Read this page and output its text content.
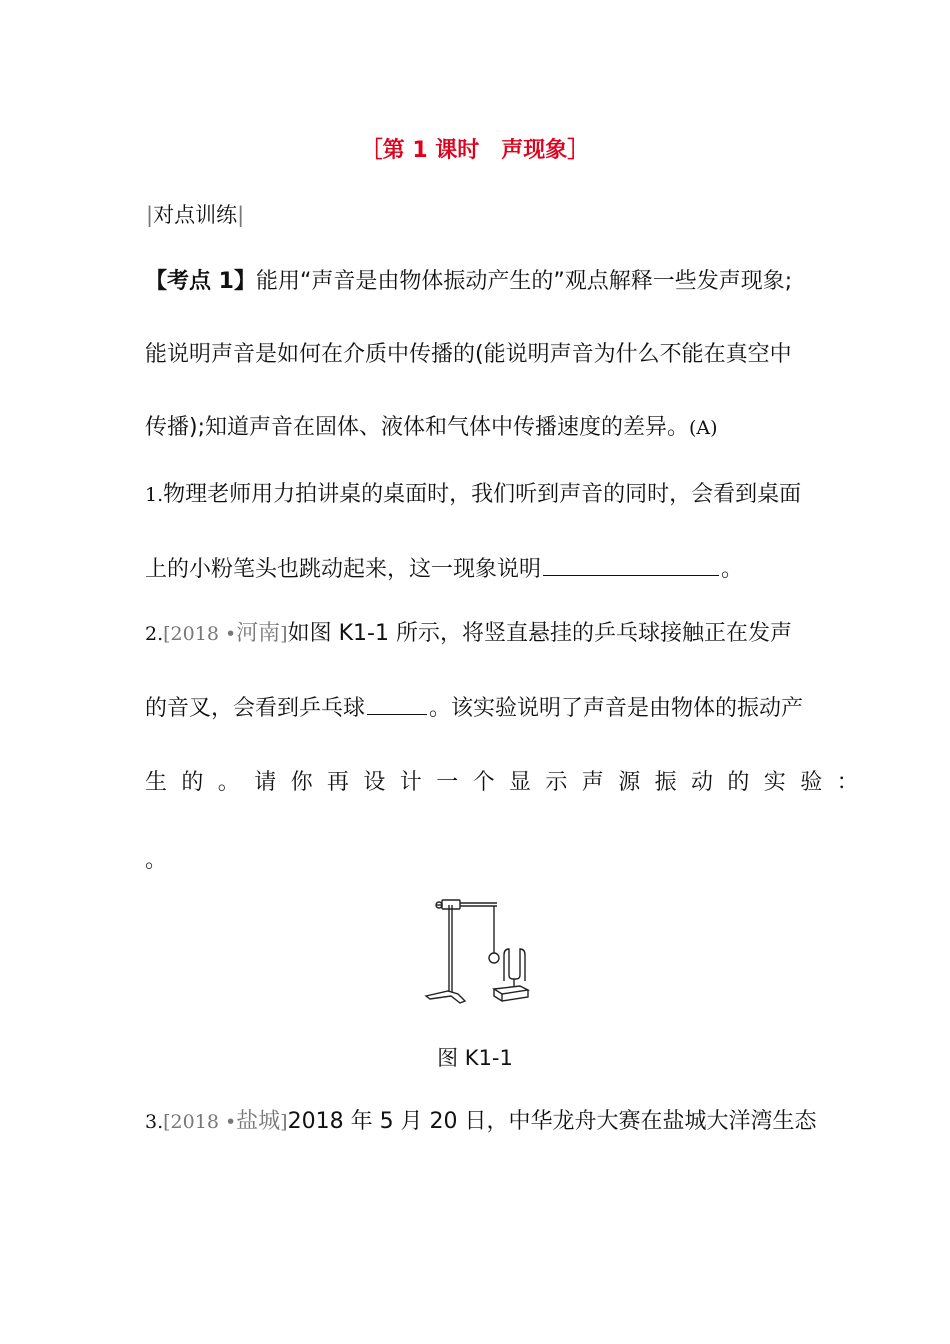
［第 1 课时　声现象］
|对点训练|
【考点 1】能用“声音是由物体振动产生的”观点解释一些发声现象;
能说明声音是如何在介质中传播的(能说明声音为什么不能在真空中
传播);知道声音在固体、液体和气体中传播速度的差异。(A)
1.物理老师用力拍讲桌的桌面时，我们听到声音的同时，会看到桌面
上的小粉笔头也跳动起来，这一现象说明	。
2.[2018 •河南]如图 K1-1 所示，将竖直悬挂的乒乓球接触正在发声
的音叉，会看到乒乓球	。该实验说明了声音是由物体的振动产
生的。请你再设计一个显示声源振动的实验：
。
图 K1-1
3.[2018 •盐城]2018 年 5 月 20 日，中华龙舟大赛在盐城大洋湾生态
